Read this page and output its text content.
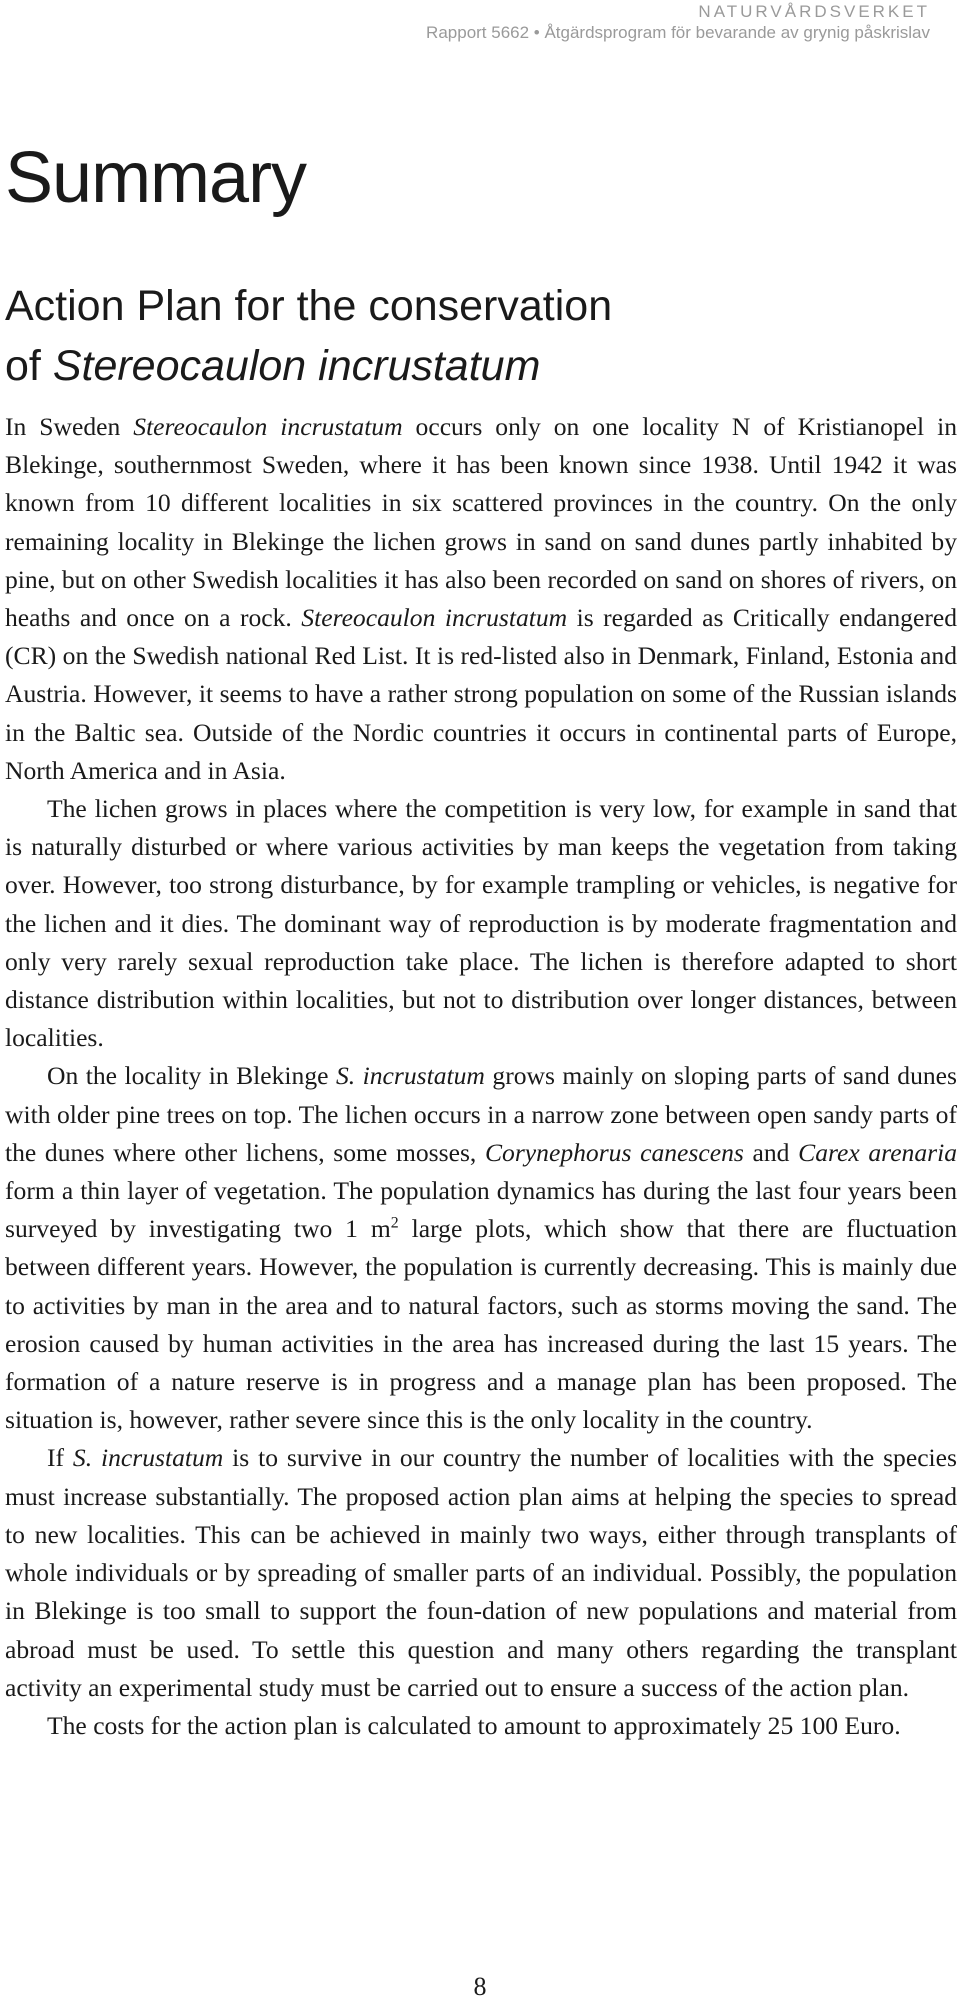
NATURVÅRDSVERKET
Rapport 5662 • Åtgärdsprogram för bevarande av grynig påskrislav
Summary
Action Plan for the conservation
of Stereocaulon incrustatum

In Sweden Stereocaulon incrustatum occurs only on one locality N of Kristianopel in Blekinge, southernmost Sweden, where it has been known since 1938. Until 1942 it was known from 10 different localities in six scattered provinces in the country. On the only remaining locality in Blekinge the lichen grows in sand on sand dunes partly inhabited by pine, but on other Swedish localities it has also been recorded on sand on shores of rivers, on heaths and once on a rock. Stereocaulon incrustatum is regarded as Critically endangered (CR) on the Swedish national Red List. It is red-listed also in Denmark, Finland, Estonia and Austria. However, it seems to have a rather strong population on some of the Russian islands in the Baltic sea. Outside of the Nordic countries it occurs in continental parts of Europe, North America and in Asia.

The lichen grows in places where the competition is very low, for example in sand that is naturally disturbed or where various activities by man keeps the vegetation from taking over. However, too strong disturbance, by for example trampling or vehicles, is negative for the lichen and it dies. The dominant way of reproduction is by moderate fragmentation and only very rarely sexual reproduction take place. The lichen is therefore adapted to short distance distribution within localities, but not to distribution over longer distances, between localities.

On the locality in Blekinge S. incrustatum grows mainly on sloping parts of sand dunes with older pine trees on top. The lichen occurs in a narrow zone between open sandy parts of the dunes where other lichens, some mosses, Corynephorus canescens and Carex arenaria form a thin layer of vegetation. The population dynamics has during the last four years been surveyed by investigating two 1 $m^2$ large plots, which show that there are fluctuation between different years. However, the population is currently decreasing. This is mainly due to activities by man in the area and to natural factors, such as storms moving the sand. The erosion caused by human activities in the area has increased during the last 15 years. The formation of a nature reserve is in progress and a manage plan has been proposed. The situation is, however, rather severe since this is the only locality in the country.

If S. incrustatum is to survive in our country the number of localities with the species must increase substantially. The proposed action plan aims at helping the species to spread to new localities. This can be achieved in mainly two ways, either through transplants of whole individuals or by spreading of smaller parts of an individual. Possibly, the population in Blekinge is too small to support the foun-dation of new populations and material from abroad must be used. To settle this question and many others regarding the transplant activity an experimental study must be carried out to ensure a success of the action plan.

The costs for the action plan is calculated to amount to approximately 25 100 Euro.

8
